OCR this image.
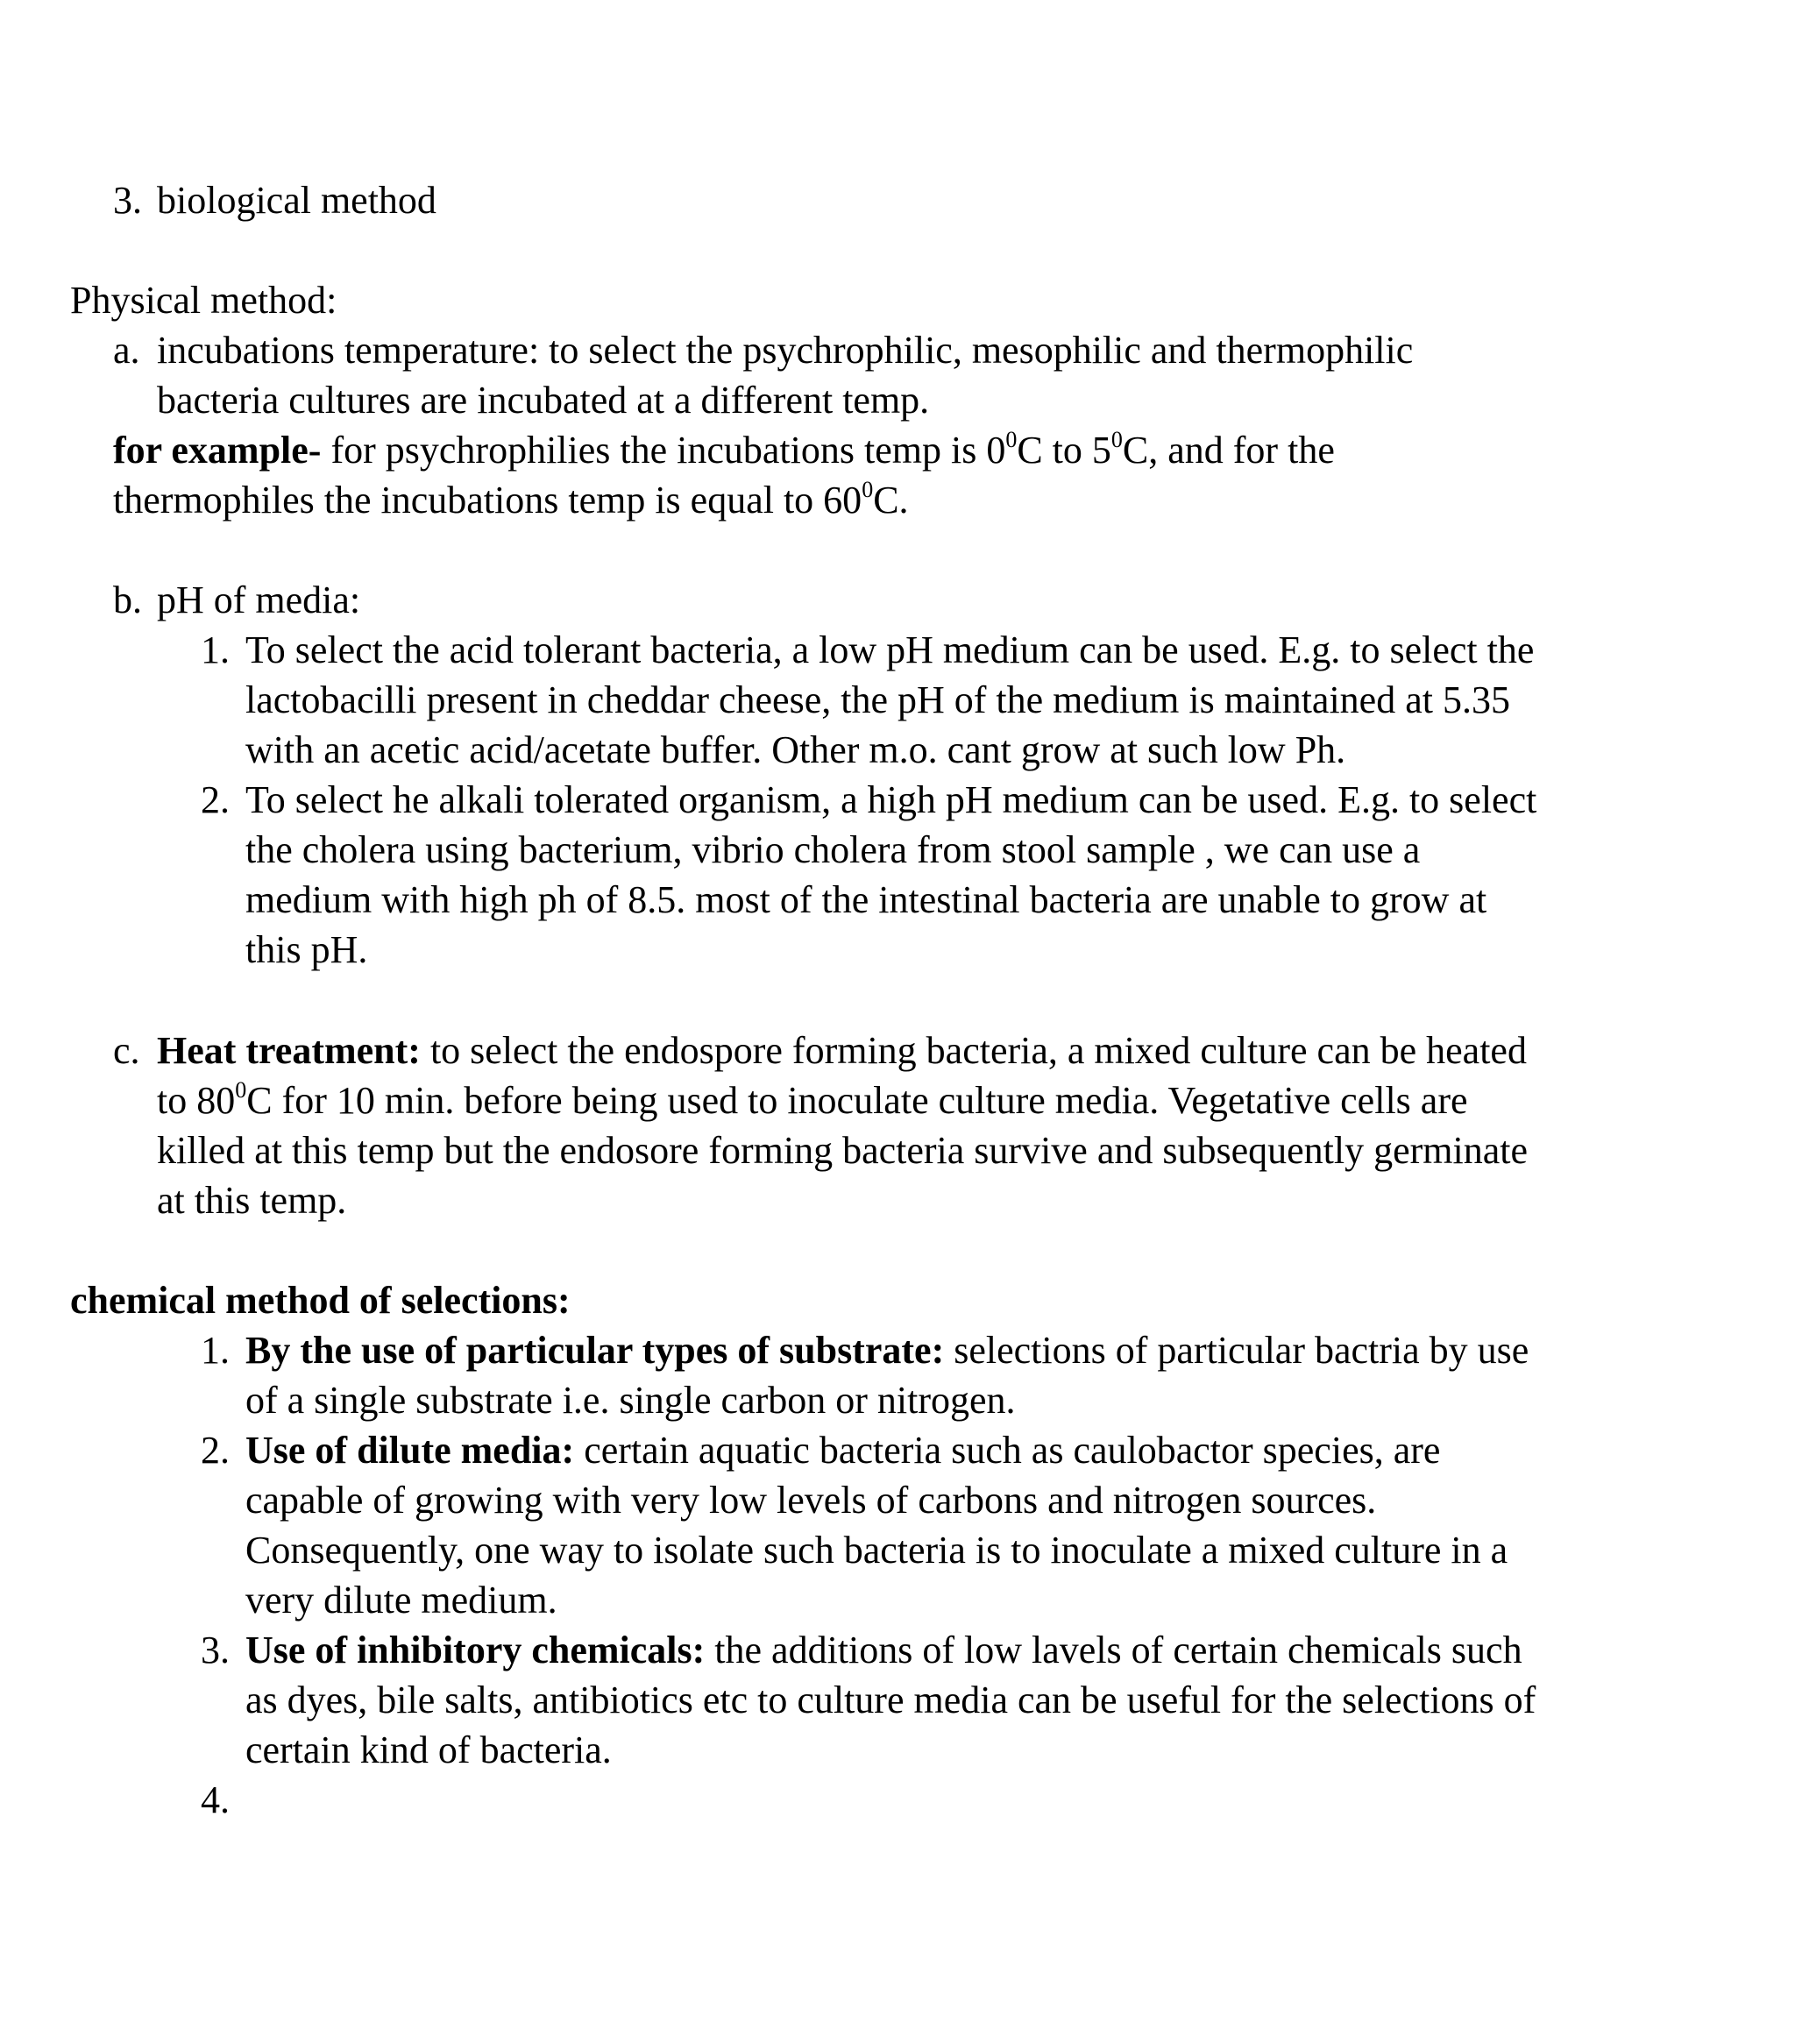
3. biological method

Physical method:

a. incubations temperature: to select the psychrophilic, mesophilic and thermophilic

bacteria cultures are incubated at a different temp.

for example- for psychrophilies the incubations temp is $0^0C$ to $5^0C$, and for the

thermophiles the incubations temp is equal to $60^0C$.

b. pH of media:

1. To select the acid tolerant bacteria, a low pH medium can be used. E.g. to select the

lactobacilli present in cheddar cheese, the pH of the medium is maintained at 5.35

with an acetic acid/acetate buffer. Other m.o. cant grow at such low Ph.

2. To select he alkali tolerated organism, a high pH medium can be used. E.g. to select

the cholera using bacterium, vibrio cholera from stool sample , we can use a

medium with high ph of 8.5. most of the intestinal bacteria are unable to grow at

this pH.

c. Heat treatment: to select the endospore forming bacteria, a mixed culture can be heated

to $80^0C$ for 10 min. before being used to inoculate culture media. Vegetative cells are

killed at this temp but the endosore forming bacteria survive and subsequently germinate

at this temp.

chemical method of selections:

1. By the use of particular types of substrate: selections of particular bactria by use

of a single substrate i.e. single carbon or nitrogen.

2. Use of dilute media: certain aquatic bacteria such as caulobactor species, are

capable of growing with very low levels of carbons and nitrogen sources.

Consequently, one way to isolate such bacteria is to inoculate a mixed culture in a

very dilute medium.

3. Use of inhibitory chemicals: the additions of low lavels of certain chemicals such

as dyes, bile salts, antibiotics etc to culture media can be useful for the selections of

certain kind of bacteria.

4.
